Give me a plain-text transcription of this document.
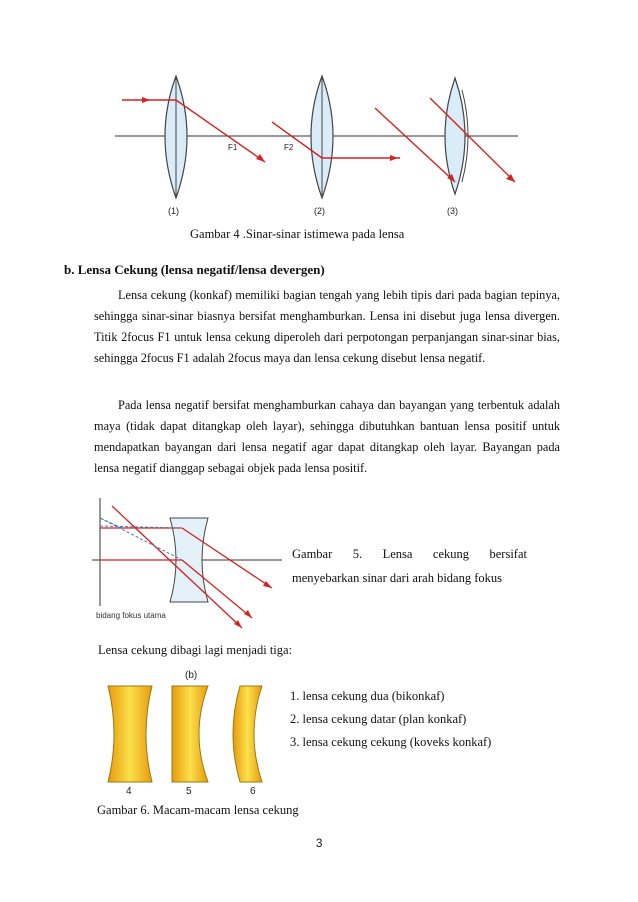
F1	F2
(1)	(2)	(3)
Gambar 4 .Sinar-sinar istimewa pada lensa
b. Lensa Cekung (lensa negatif/lensa devergen)
Lensa cekung (konkaf) memiliki bagian tengah yang lebih tipis dari pada bagian tepinya, sehingga sinar-sinar biasnya bersifat menghamburkan. Lensa ini disebut juga lensa divergen. Titik 2focus F1 untuk lensa cekung diperoleh dari perpotongan perpanjangan sinar-sinar bias, sehingga 2focus F1 adalah 2focus maya dan lensa cekung disebut lensa negatif.
Pada lensa negatif bersifat menghamburkan cahaya dan bayangan yang terbentuk adalah maya (tidak dapat ditangkap oleh layar), sehingga dibutuhkan bantuan lensa positif untuk mendapatkan bayangan dari lensa negatif agar dapat ditangkap oleh layar. Bayangan pada lensa negatif dianggap sebagai objek pada lensa positif.
bidang fokus utama
Gambar 5. Lensa cekung bersifat
menyebarkan sinar dari arah bidang fokus
Lensa cekung dibagi lagi menjadi tiga:
(b)
4	5	6
1. lensa cekung dua (bikonkaf)
2. lensa cekung datar (plan konkaf)
3. lensa cekung cekung (koveks konkaf)
Gambar 6. Macam-macam lensa cekung
3
